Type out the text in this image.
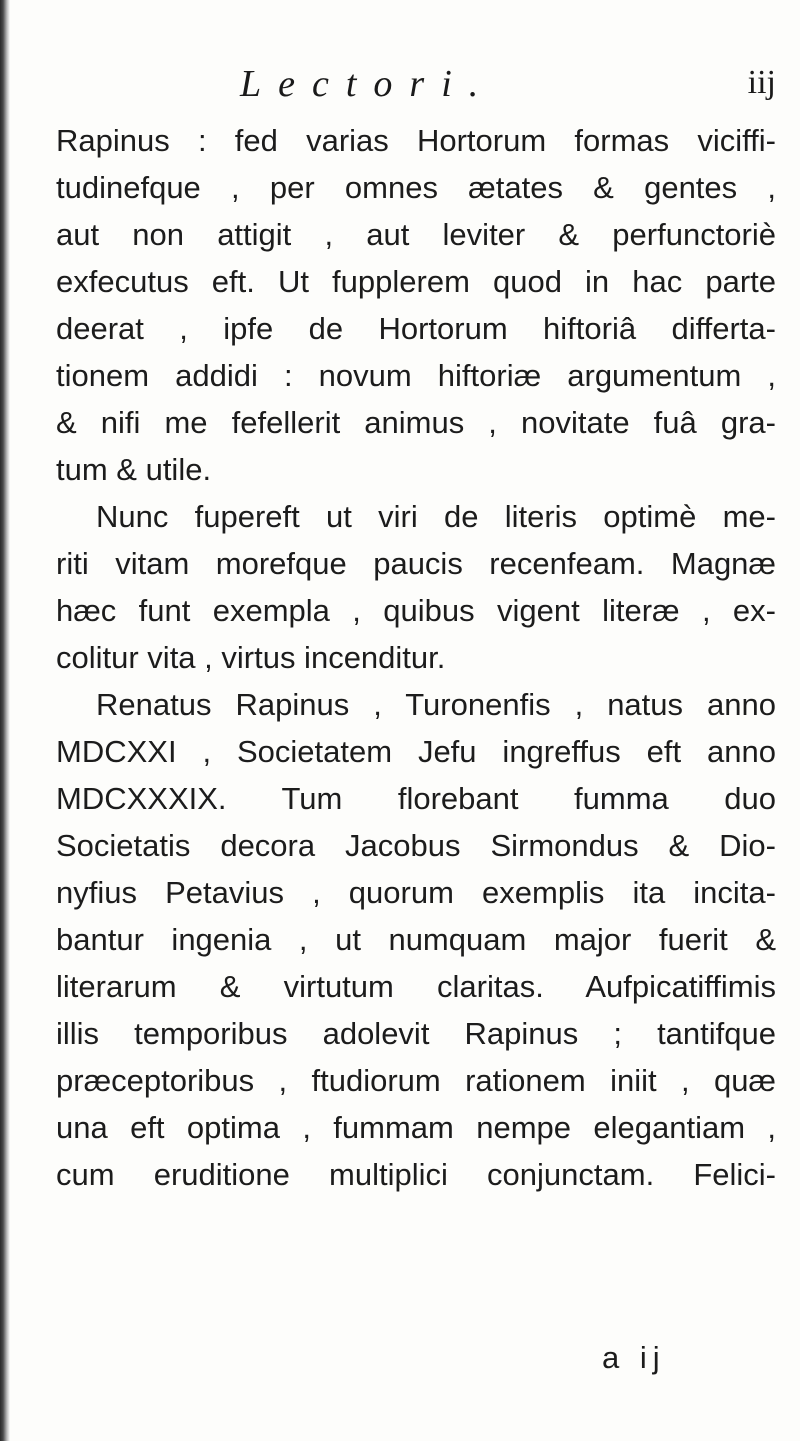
Lectori.	iij
Rapinus : fed varias Hortorum formas viciffi-
tudinefque , per omnes ætates & gentes ,
aut non attigit , aut leviter & perfunctoriè
exfecutus eft. Ut fupplerem quod in hac parte
deerat , ipfe de Hortorum hiftoriâ differta-
tionem addidi : novum hiftoriæ argumentum ,
& nifi me fefellerit animus , novitate fuâ gra-
tum & utile.
Nunc fupereft ut viri de literis optimè me-
riti vitam morefque paucis recenfeam. Magnæ
hæc funt exempla , quibus vigent literæ , ex-
colitur vita , virtus incenditur.
Renatus Rapinus , Turonenfis , natus anno
MDCXXI , Societatem Jefu ingreffus eft anno
MDCXXXIX. Tum florebant fumma duo
Societatis decora Jacobus Sirmondus & Dio-
nyfius Petavius , quorum exemplis ita incita-
bantur ingenia , ut numquam major fuerit &
literarum & virtutum claritas. Aufpicatiffimis
illis temporibus adolevit Rapinus ; tantifque
præceptoribus , ftudiorum rationem iniit , quæ
una eft optima , fummam nempe elegantiam ,
cum eruditione multiplici conjunctam. Felici-
a ij
